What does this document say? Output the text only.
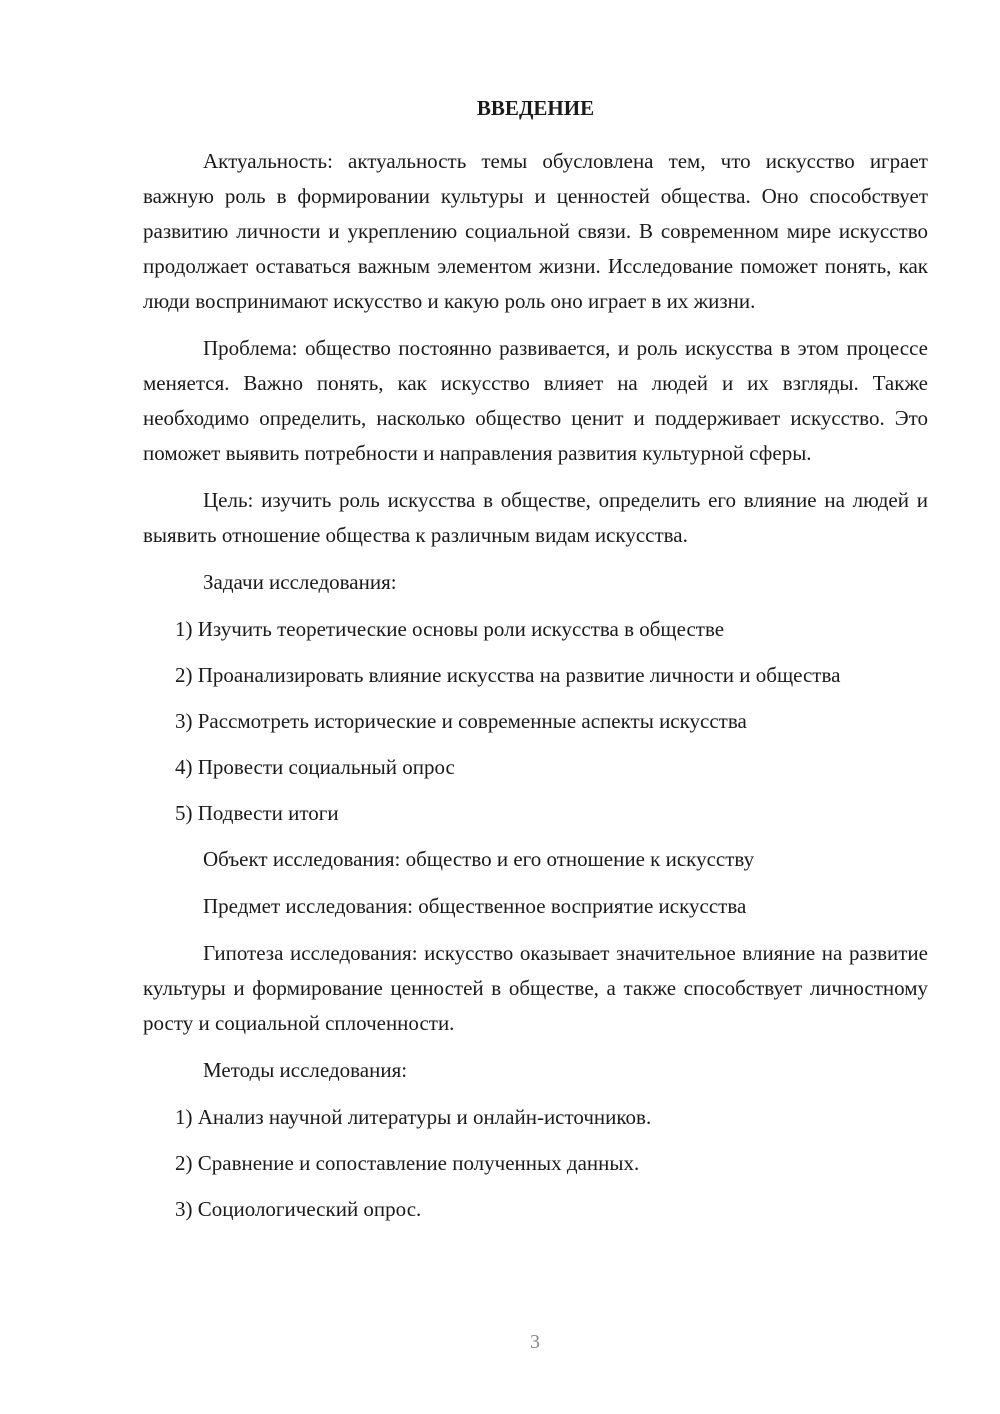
ВВЕДЕНИЕ

Актуальность: актуальность темы обусловлена тем, что искусство играет важную роль в формировании культуры и ценностей общества. Оно способствует развитию личности и укреплению социальной связи. В современном мире искусство продолжает оставаться важным элементом жизни. Исследование поможет понять, как люди воспринимают искусство и какую роль оно играет в их жизни.

Проблема: общество постоянно развивается, и роль искусства в этом процессе меняется. Важно понять, как искусство влияет на людей и их взгляды. Также необходимо определить, насколько общество ценит и поддерживает искусство. Это поможет выявить потребности и направления развития культурной сферы.

Цель: изучить роль искусства в обществе, определить его влияние на людей и выявить отношение общества к различным видам искусства.

Задачи исследования:

1) Изучить теоретические основы роли искусства в обществе

2) Проанализировать влияние искусства на развитие личности и общества

3) Рассмотреть исторические и современные аспекты искусства

4) Провести социальный опрос

5) Подвести итоги

Объект исследования: общество и его отношение к искусству

Предмет исследования: общественное восприятие искусства

Гипотеза исследования: искусство оказывает значительное влияние на развитие культуры и формирование ценностей в обществе, а также способствует личностному росту и социальной сплоченности.

Методы исследования:

1) Анализ научной литературы и онлайн-источников.

2) Сравнение и сопоставление полученных данных.

3) Социологический опрос.

3
